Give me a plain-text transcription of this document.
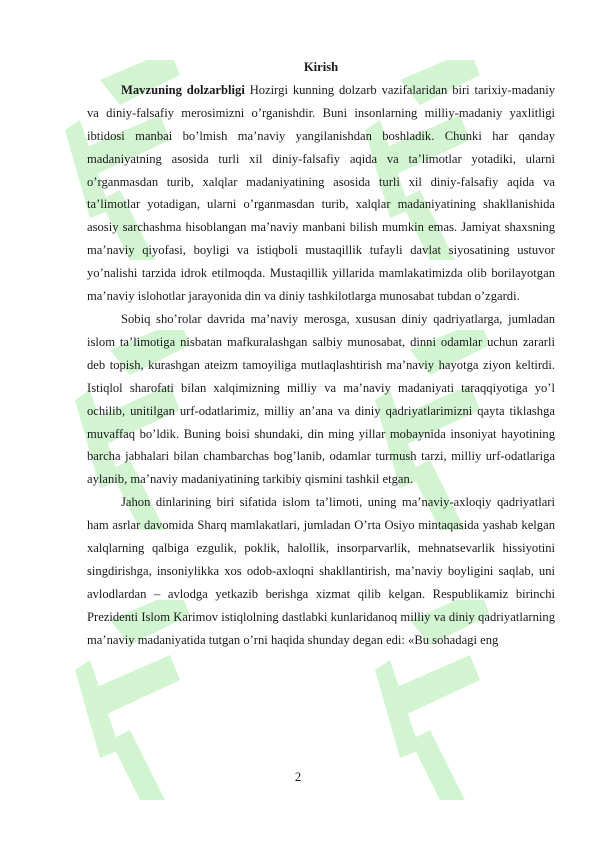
Kirish

Mavzuning dolzarbligi Hozirgi kunning dolzarb vazifalaridan biri tarixiy-madaniy va diniy-falsafiy merosimizni o’rganishdir. Buni insonlarning milliy-madaniy yaxlitligi ibtidosi manbai bo’lmish ma’naviy yangilanishdan boshladik. Chunki har qanday madaniyatning asosida turli xil diniy-falsafiy aqida va ta’limotlar yotadiki, ularni o’rganmasdan turib, xalqlar madaniyatining asosida turli xil diniy-falsafiy aqida va ta’limotlar yotadigan, ularni o’rganmasdan turib, xalqlar madaniyatining shakllanishida asosiy sarchashma hisoblangan ma’naviy manbani bilish mumkin emas. Jamiyat shaxsning ma’naviy qiyofasi, boyligi va istiqboli mustaqillik tufayli davlat siyosatining ustuvor yo’nalishi tarzida idrok etilmoqda. Mustaqillik yillarida mamlakatimizda olib borilayotgan ma’naviy islohotlar jarayonida din va diniy tashkilotlarga munosabat tubdan o’zgardi.

Sobiq sho’rolar davrida ma’naviy merosga, xususan diniy qadriyatlarga, jumladan islom ta’limotiga nisbatan mafkuralashgan salbiy munosabat, dinni odamlar uchun zararli deb topish, kurashgan ateizm tamoyiliga mutlaqlashtirish ma’naviy hayotga ziyon keltirdi. Istiqlol sharofati bilan xalqimizning milliy va ma’naviy madaniyati taraqqiyotiga yo’l ochilib, unitilgan urf-odatlarimiz, milliy an’ana va diniy qadriyatlarimizni qayta tiklashga muvaffaq bo’ldik. Buning boisi shundaki, din ming yillar mobaynida insoniyat hayotining barcha jabhalari bilan chambarchas bog’lanib, odamlar turmush tarzi, milliy urf-odatlariga aylanib, ma’naviy madaniyatining tarkibiy qismini tashkil etgan.

Jahon dinlarining biri sifatida islom ta’limoti, uning ma’naviy-axloqiy qadriyatlari ham asrlar davomida Sharq mamlakatlari, jumladan O’rta Osiyo mintaqasida yashab kelgan xalqlarning qalbiga ezgulik, poklik, halollik, insorparvarlik, mehnatsevarlik hissiyotini singdirishga, insoniylikka xos odob-axloqni shakllantirish, ma’naviy boyligini saqlab, uni avlodlardan – avlodga yetkazib berishga xizmat qilib kelgan. Respublikamiz birinchi Prezidenti Islom Karimov istiqlolning dastlabki kunlaridanoq milliy va diniy qadriyatlarning ma’naviy madaniyatida tutgan o’rni haqida shunday degan edi: «Bu sohadagi eng

2
